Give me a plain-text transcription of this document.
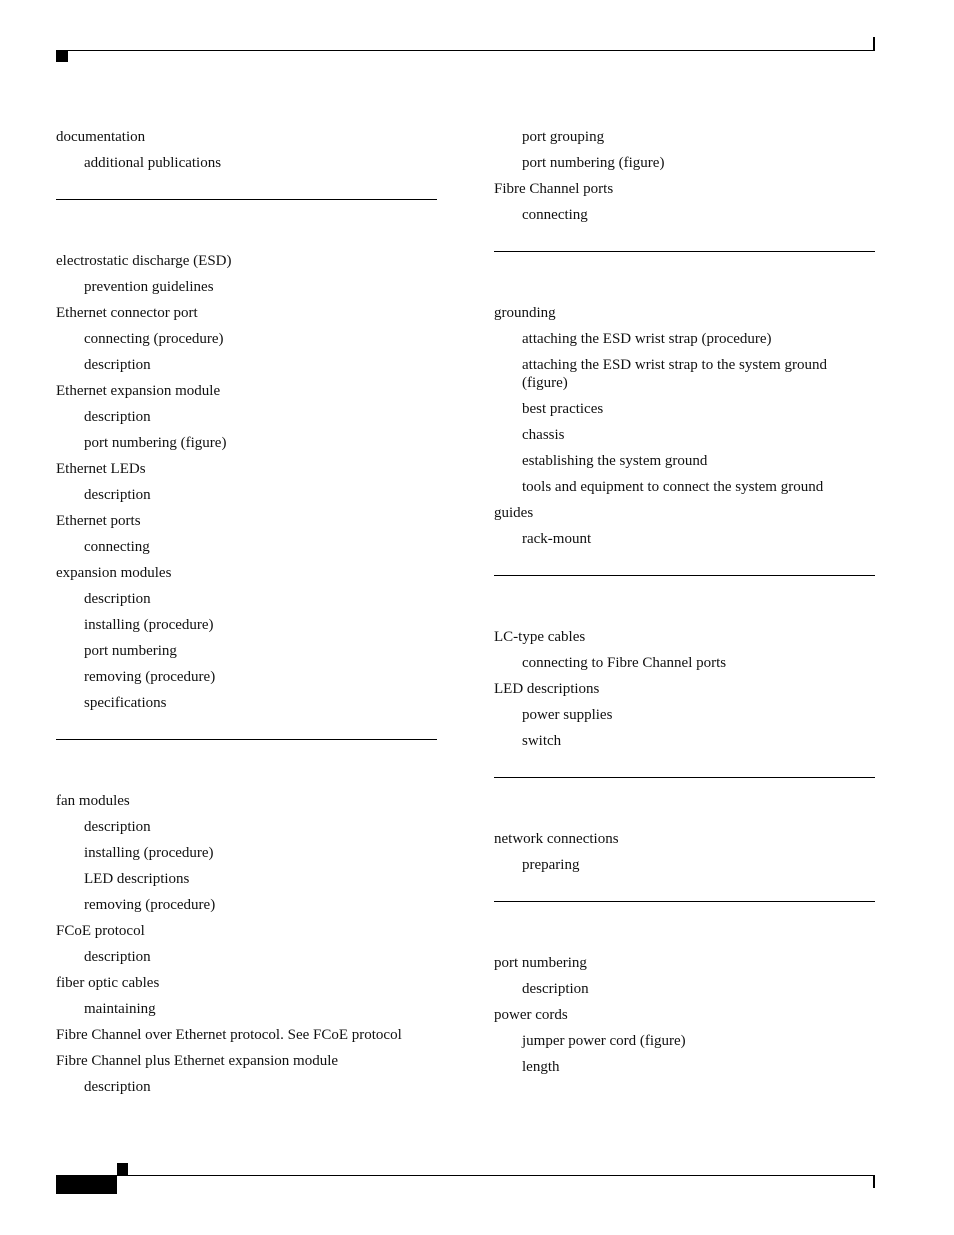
documentation
additional publications
electrostatic discharge (ESD)
prevention guidelines
Ethernet connector port
connecting (procedure)
description
Ethernet expansion module
description
port numbering (figure)
Ethernet LEDs
description
Ethernet ports
connecting
expansion modules
description
installing (procedure)
port numbering
removing (procedure)
specifications
fan modules
description
installing (procedure)
LED descriptions
removing (procedure)
FCoE protocol
description
fiber optic cables
maintaining
Fibre Channel over Ethernet protocol. See FCoE protocol
Fibre Channel plus Ethernet expansion module
description
port grouping
port numbering (figure)
Fibre Channel ports
connecting
grounding
attaching the ESD wrist strap (procedure)
attaching the ESD wrist strap to the system ground (figure)
best practices
chassis
establishing the system ground
tools and equipment to connect the system ground
guides
rack-mount
LC-type cables
connecting to Fibre Channel ports
LED descriptions
power supplies
switch
network connections
preparing
port numbering
description
power cords
jumper power cord (figure)
length
